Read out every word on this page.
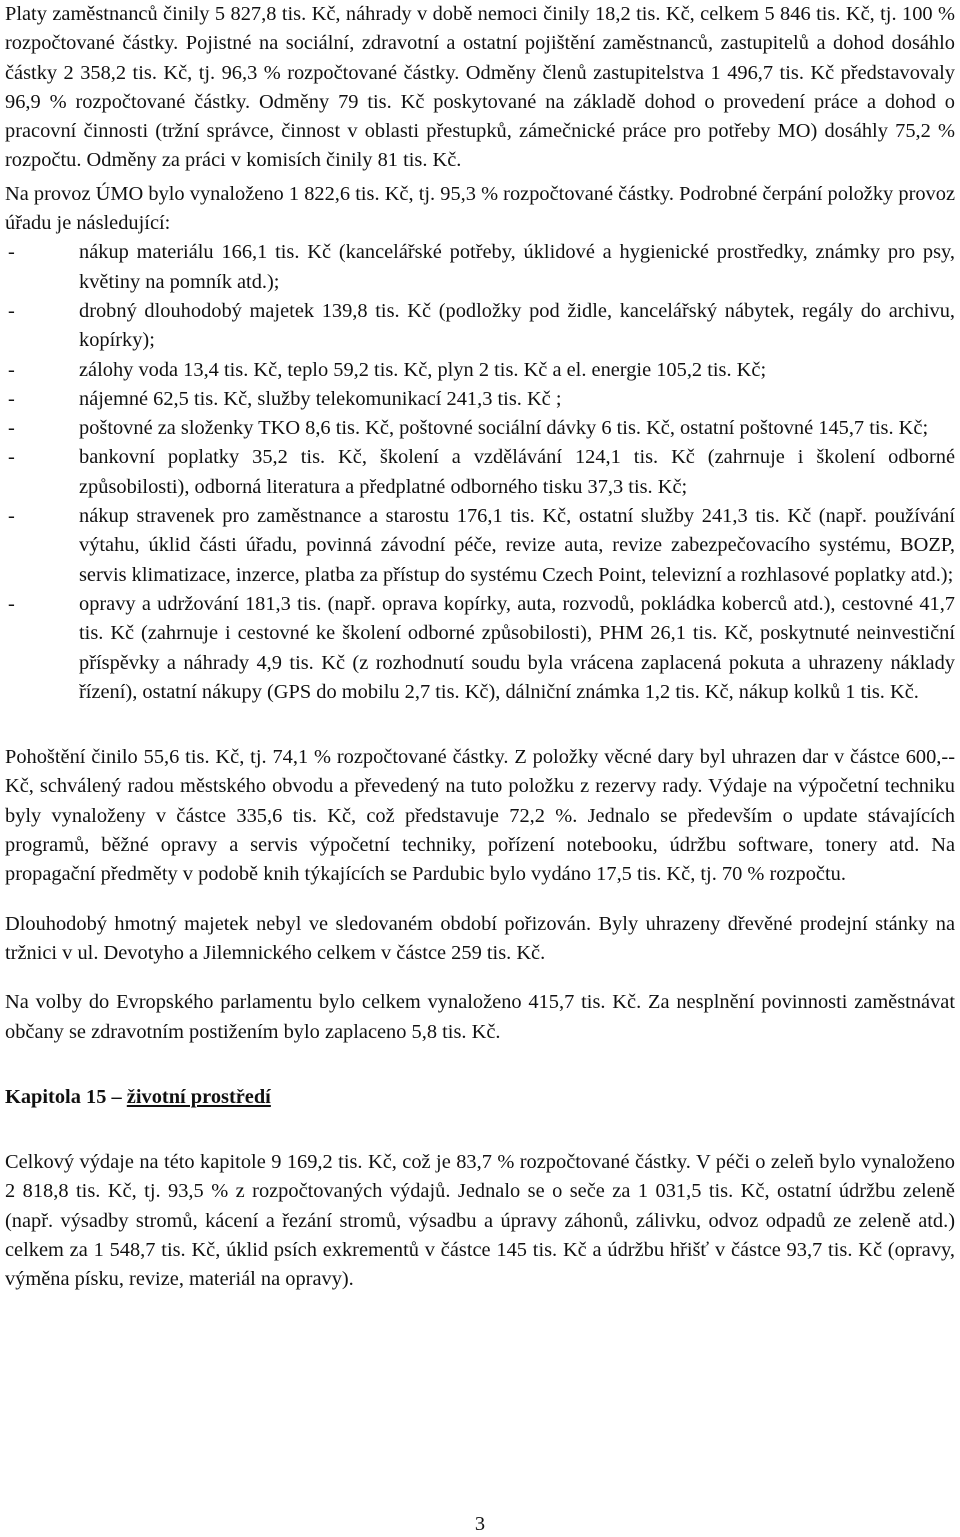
Platy zaměstnanců činily 5 827,8 tis. Kč, náhrady v době nemoci činily 18,2 tis. Kč, celkem 5 846 tis. Kč, tj. 100 % rozpočtované částky. Pojistné na sociální, zdravotní a ostatní pojištění zaměstnanců, zastupitelů a dohod dosáhlo částky 2 358,2 tis. Kč, tj. 96,3 % rozpočtované částky. Odměny členů zastupitelstva 1 496,7 tis. Kč představovaly 96,9 % rozpočtované částky. Odměny 79 tis. Kč poskytované na základě dohod o provedení práce a dohod o pracovní činnosti (tržní správce, činnost v oblasti přestupků, zámečnické práce pro potřeby MO) dosáhly 75,2 % rozpočtu. Odměny za práci v komisích činily 81 tis. Kč.

Na provoz ÚMO bylo vynaloženo 1 822,6 tis. Kč, tj. 95,3 % rozpočtované částky. Podrobné čerpání položky provoz úřadu je následující:

-	nákup materiálu 166,1 tis. Kč (kancelářské potřeby, úklidové a hygienické prostředky, známky pro psy, květiny na pomník atd.);
-	drobný dlouhodobý majetek 139,8 tis. Kč (podložky pod židle, kancelářský nábytek, regály do archivu, kopírky);
-	zálohy voda 13,4 tis. Kč, teplo 59,2 tis. Kč, plyn 2 tis. Kč a el. energie 105,2 tis. Kč;
-	nájemné 62,5 tis. Kč, služby telekomunikací 241,3 tis. Kč ;
-	poštovné za složenky TKO 8,6 tis. Kč, poštovné sociální dávky 6 tis. Kč, ostatní poštovné 145,7 tis. Kč;
-	bankovní poplatky 35,2 tis. Kč, školení a vzdělávání 124,1 tis. Kč (zahrnuje i školení odborné způsobilosti), odborná literatura a předplatné odborného tisku 37,3 tis. Kč;
-	nákup stravenek pro zaměstnance a starostu 176,1 tis. Kč, ostatní služby 241,3 tis. Kč (např. používání výtahu, úklid části úřadu, povinná závodní péče, revize auta, revize zabezpečovacího systému, BOZP, servis klimatizace, inzerce, platba za přístup do systému Czech Point, televizní a rozhlasové poplatky atd.);
-	opravy a udržování 181,3 tis. (např. oprava kopírky, auta, rozvodů, pokládka koberců atd.), cestovné 41,7 tis. Kč (zahrnuje i cestovné ke školení odborné způsobilosti), PHM 26,1 tis. Kč, poskytnuté neinvestiční příspěvky a náhrady 4,9 tis. Kč (z rozhodnutí soudu byla vrácena zaplacená pokuta a uhrazeny náklady řízení), ostatní nákupy (GPS do mobilu 2,7 tis. Kč), dálniční známka 1,2 tis. Kč, nákup kolků 1 tis. Kč.

Pohoštění činilo 55,6 tis. Kč, tj. 74,1 % rozpočtované částky. Z položky věcné dary byl uhrazen dar v částce 600,-- Kč, schválený radou městského obvodu a převedený na tuto položku z rezervy rady. Výdaje na výpočetní techniku byly vynaloženy v částce 335,6 tis. Kč, což představuje 72,2 %. Jednalo se především o update stávajících programů, běžné opravy a servis výpočetní techniky, pořízení notebooku, údržbu software, tonery atd. Na propagační předměty v podobě knih týkajících se Pardubic bylo vydáno 17,5 tis. Kč, tj. 70 % rozpočtu.

Dlouhodobý hmotný majetek nebyl ve sledovaném období pořizován. Byly uhrazeny dřevěné prodejní stánky na tržnici v ul. Devotyho a Jilemnického celkem v částce 259 tis. Kč.

Na volby do Evropského parlamentu bylo celkem vynaloženo 415,7 tis. Kč. Za nesplnění povinnosti zaměstnávat občany se zdravotním postižením bylo zaplaceno 5,8 tis. Kč.

Kapitola 15 – životní prostředí

Celkový výdaje na této kapitole 9 169,2 tis. Kč, což je 83,7 % rozpočtované částky. V péči o zeleň bylo vynaloženo 2 818,8 tis. Kč, tj. 93,5 % z rozpočtovaných výdajů. Jednalo se o seče za 1 031,5 tis. Kč, ostatní údržbu zeleně (např. výsadby stromů, kácení a řezání stromů, výsadbu a úpravy záhonů, zálivku, odvoz odpadů ze zeleně atd.) celkem za 1 548,7 tis. Kč, úklid psích exkrementů v částce 145 tis. Kč a údržbu hřišť v částce 93,7 tis. Kč (opravy, výměna písku, revize, materiál na opravy).

3
